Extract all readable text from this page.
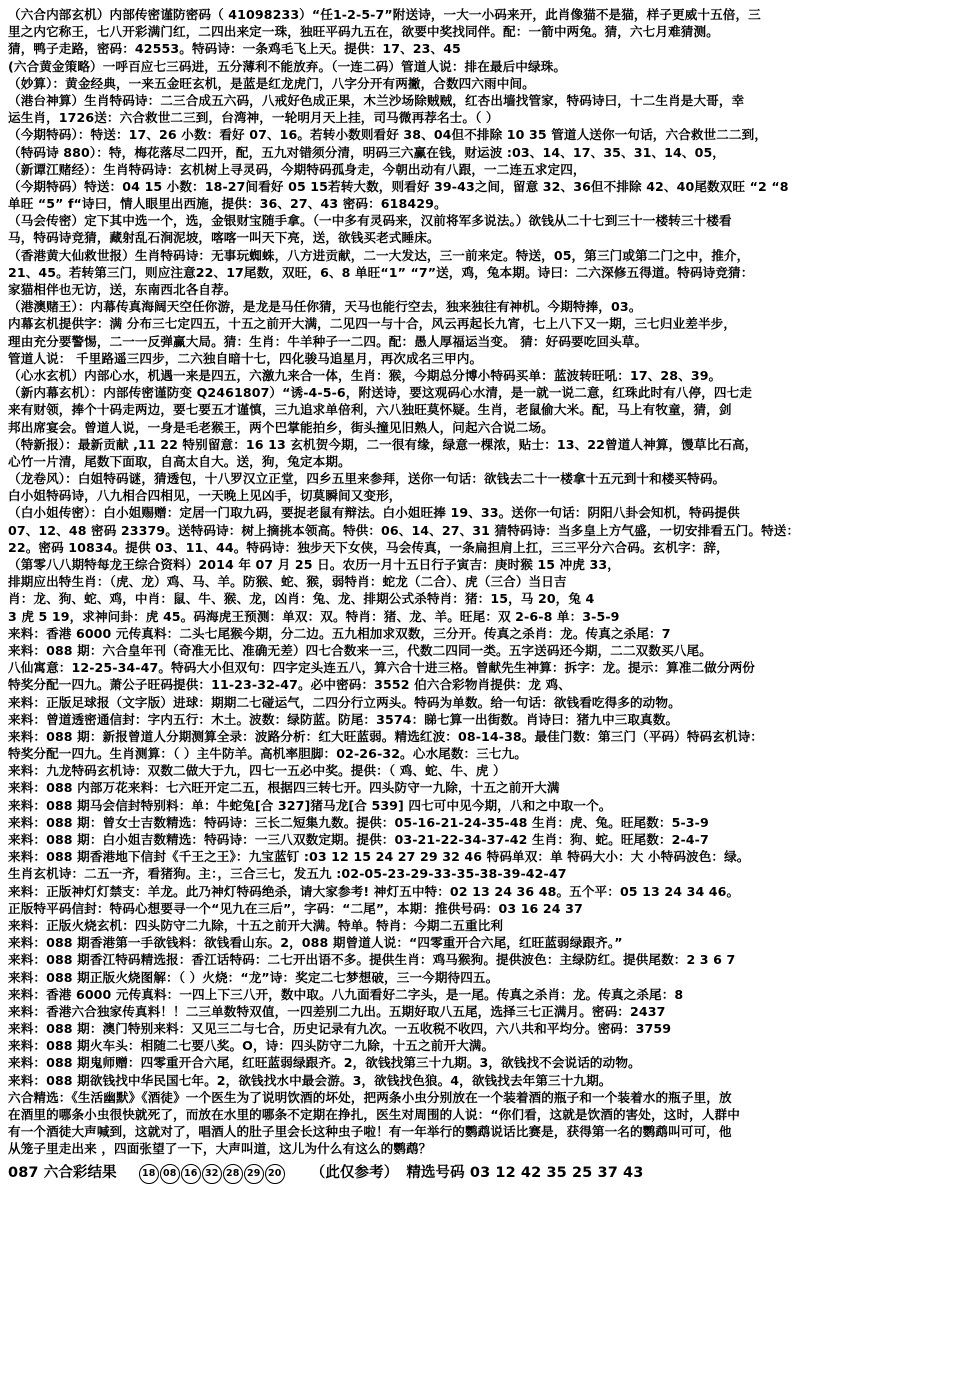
（六合内部玄机）内部传密谨防密码（ 41098233）“任1-2-5-7”附送诗，一大一小码来开，此肖像猫不是猫，样子更威十五倍，三
里之内它称王，七八开彩满门红，二四出来定一珠，独旺平码九五在，欲要中奖找同伴。配：一箭中两兔。猜，六七月难猜测。
猜，鸭子走路，密码：42553。特码诗：一条鸡毛飞上天。提供：17、23、45
(六合黄金策略）一呼百应七三码进，五分薄利不能放弃。（一连二码）管道人说：排在最后中绿珠。
（妙算）：黄金经典，一来五金旺玄机，是蓝是红龙虎门，八字分开有两撇，合数四六雨中间。
（港台神算）生肖特码诗：二三合成五六码，八戒好色成正果，木兰沙场除贼贼，红杏出墙找管家，特码诗曰，十二生肖是大哥，幸
运生肖，1726送：六合救世二三到，台湾神，一轮明月天上挂，司马微再荐名士。（ ）
（今期特码）：特送：17、26 小数：看好 07、16。若转小数则看好 38、04但不排除 10 35 管道人送你一句话，六合救世二二到，
（特码诗 880）：特，梅花落尽二四开，配，五九对错须分清，明码三六赢在钱，财运波 :03、14、17、35、31、14、05，
（新谭江赌经）：生肖特码诗：玄机树上寻灵码，今期特码孤身走，今朝出动有八跟，一二连五求定四，
（今期特码）特送：04 15 小数：18-27间看好 05 15若转大数，则看好 39-43之间，留意 32、36但不排除 42、40尾数双旺 “2 “8
单旺 “5” f“诗曰，情人眼里出西施，提供：36、27、43 密码：618429。
（马会传密）定下其中选一个，选，金银财宝随手拿。（一中多有灵码来，汉前将军多说法。）欲钱从二十七到三十一楼转三十楼看
马，特码诗竞猜，藏射乱石涧泥坡，喀喀一叫天下亮，送，欲钱买老式睡床。
（香港黄大仙救世报）生肖特码诗：无事玩蜘蛛，八方进贡献，二一大发达，三一前来定。特送，05，第三门或第二门之中，推介，
21、45。若转第三门，则应注意22、17尾数，双旺，6、8 单旺“1” “7”送，鸡，兔本期。诗曰：二六深修五得道。特码诗竞猜：
家猫相伴也无访，送，东南西北各自荐。
（港澳赌王）：内幕传真海阔天空任你游，是龙是马任你猜，天马也能行空去，独来独往有神机。今期特捧，03。
内幕玄机提供字：满 分布三七定四五，十五之前开大满，二见四一与十合，风云再起长九宵，七上八下又一期，三七归业差半步，
理由充分要警惕，二一一反弹赢大局。猜：生肖：牛羊种子一二四。配：愚人厚福运当变。 猜：好码要吃回头草。
管道人说： 千里路遥三四步，二六独自暗十七，四化骏马追星月，再次成名三甲内。
（心水玄机）内部心水，机遇一来是四五，六激九来合一体，生肖：猴，今期总分博小特码买单：蓝波转旺吼：17、28、39。
（新内幕玄机）：内部传密谨防变 Q2461807）“诱-4-5-6，附送诗，要这观码心水清，是一就一说二意，红珠此时有八停，四七走
来有财领，捧个十码走两边，要七要五才谨慎，三九追求单倍利，六八独旺莫怀疑。生肖，老鼠偷大米。配，马上有牧童，猜，剑
邦出席宴会。曾道人说，一身是毛老猴王，两个巴掌能拍乡，街头撞见旧熟人，问起六合说二场。
（特新报）：最新贡献 ,11 22 特别留意：16 13 玄机贺今期，二一很有缘，绿意一棵浓，贴士：13、22曾道人神算，馒草比石高，
心竹一片清，尾数下面取，自高太自大。送，狗，兔定本期。
（龙卷风）：白姐特码谜，猜透包，十八罗汉立正堂，四乡五里来参拜，送你一句话：欲钱去二十一楼拿十五元到十和楼买特码。
白小姐特码诗，八九相合四相见，一天晚上见凶手，切莫瞬间又变形，
（白小姐传密）：白小姐赐赠：定居一门取九码，要捉老鼠有辩法。白小姐旺捧 19、33。送你一句话：阴阳八卦会知机，特码提供
07、12、48 密码 23379。送特码诗：树上摘挑本领高。特供：06、14、27、31 猜特码诗：当多皇上方气盛，一切安排看五门。特送：
22。密码 10834。提供 03、11、44。特码诗：独步天下女侠，马会传真，一条扁担肩上扛，三三平分六合码。玄机字：辞，
（第零八八期特每龙王综合资料）2014 年 07 月 25 日。农历一月十五日行子寅吉：庚时猴 15 冲虎 33，
排期应出特生肖：（虎、龙）鸡、马、羊。防猴、蛇、猴，弱特肖：蛇龙（二合）、虎（三合）当日吉
肖：龙、狗、蛇、鸡，中肖：鼠、牛、猴、龙，凶肖：兔、龙、排期公式杀特肖：猪：15，马 20，兔 4
3 虎 5 19，求神问卦：虎 45。码海虎王预测：单双：双。特肖：猪、龙、羊。旺尾：双 2-6-8 单：3-5-9
来料：香港 6000 元传真料：二头七尾猴今期，分二边。五九相加求双数，三分开。传真之杀肖：龙。传真之杀尾：7
来料：088 期：六合皇年刊（奇准无比、准确无差）四七合数来一三，代数二四同一类。五字送码还今期，二二双数买八尾。
八仙寓意：12-25-34-47。特码大小但双句：四字定头连五八，算六合十进三格。曾献先生神算：拆字：龙。提示：算准二做分两份
特奖分配一四九。萧公子旺码提供：11-23-32-47。必中密码：3552 伯六合彩物肖提供：龙 鸡、
来料：正版足球报（文字版）进球：期期二七碰运气，二四分行立两头。特码为单数。给一句话：欲钱看吃得多的动物。
来料：曾道透密通信封：字内五行：木土。波数：绿防蓝。防尾：3574：睇七算一出街数。肖诗曰：猪九中三取真数。
来料：088 期：新报曾道人分期测算全录：波路分析：红大旺蓝弱。精选红波：08-14-38。最佳门数：第三门（平码）特码玄机诗：
特奖分配一四九。生肖测算：（ ）主牛防羊。高机率胆脚：02-26-32。心水尾数：三七九。
来料：九龙特码玄机诗：双数二做大于九，四七一五必中奖。提供：（ 鸡、蛇、牛、虎 ）
来料：088 内部万花来料：七六旺开定二五，根据四三转七开。四头防守一九除，十五之前开大满
来料：088 期马会信封特别料：单：牛蛇兔[合 327]猪马龙[合 539] 四七可中见今期，八和之中取一个。
来料：088 期：曾女士吉数精选：特码诗：三长二短集九数。提供：05-16-21-24-35-48 生肖：虎、兔。旺尾数：5-3-9
来料：088 期：白小姐吉数精选：特码诗：一三八双数定期。提供：03-21-22-34-37-42 生肖：狗、蛇。旺尾数：2-4-7
来料：088 期香港地下信封《千王之王》：九宝蓝钉 :03 12 15 24 27 29 32 46 特码单双：单 特码大小：大 小特码波色：绿。
生肖玄机诗：二五一齐，看猪狗。主：，三合三七，发五九 :02-05-23-29-33-35-38-39-42-47
来料：正版神灯灯禁支：羊龙。此乃神灯特码绝杀，请大家参考! 神灯五中特：02 13 24 36 48。五个平：05 13 24 34 46。
正版特平码信封：特码心想要寻一个“见九在三后”，字码：“二尾”，本期：推供号码：03 16 24 37
来料：正版火烧玄机：四头防守二九除，十五之前开大满。特单。特肖：今期二五重比利
来料：088 期香港第一手欲钱料：欲钱看山东。2，088 期曾道人说：“四零重开合六尾，红旺蓝弱绿跟齐。”
来料：088 期香江特码精选报：香江话特码：二七开出语不多。提供生肖：鸡马猴狗。提供波色：主绿防红。提供尾数：2 3 6 7
来料：088 期正版火烧图解：（ ）火烧：“龙”诗：奖定二七梦想破，三一今期待四五。
来料：香港 6000 元传真料：一四上下三八开，数中取。八九面看好二字头，是一尾。传真之杀肖：龙。传真之杀尾：8
来料：香港六合独家传真料！！二三单数特双值，一四差别二九出。五期好取八五尾，选择三七正满月。密码：2437
来料：088 期：澳门特别来料：又见三二与七合，历史记录有九次。一五收税不收四，六八共和平均分。密码：3759
来料：088 期火车头：相随二七要八奖。O，诗：四头防守二九除，十五之前开大满。
来料：088 期鬼师赠：四零重开合六尾，红旺蓝弱绿跟齐。2，欲钱找第三十九期。3，欲钱找不会说话的动物。
来料：088 期欲钱找中华民国七年。2，欲钱找水中最会游。3，欲钱找色狼。4，欲钱找去年第三十九期。
六合精选：《生活幽默》《酒徒》一个医生为了说明饮酒的坏处，把两条小虫分别放在一个装着酒的瓶子和一个装着水的瓶子里，放
在酒里的哪条小虫很快就死了，而放在水里的哪条不定期在挣扎，医生对周围的人说：“你们看，这就是饮酒的害处，这时，人群中
有一个酒徒大声喊到，这就对了，唱酒人的肚子里会长这种虫子啦！有一年举行的鹦鹉说话比赛是，获得第一名的鹦鹉叫可可，他
从笼子里走出来 ，四面张望了一下，大声叫道，这儿为什么有这么的鹦鹉？
087 六合彩结果	18 08 16 32 28 29 20 （此仅参考） 精选号码 03 12 42 35 25 37 43
